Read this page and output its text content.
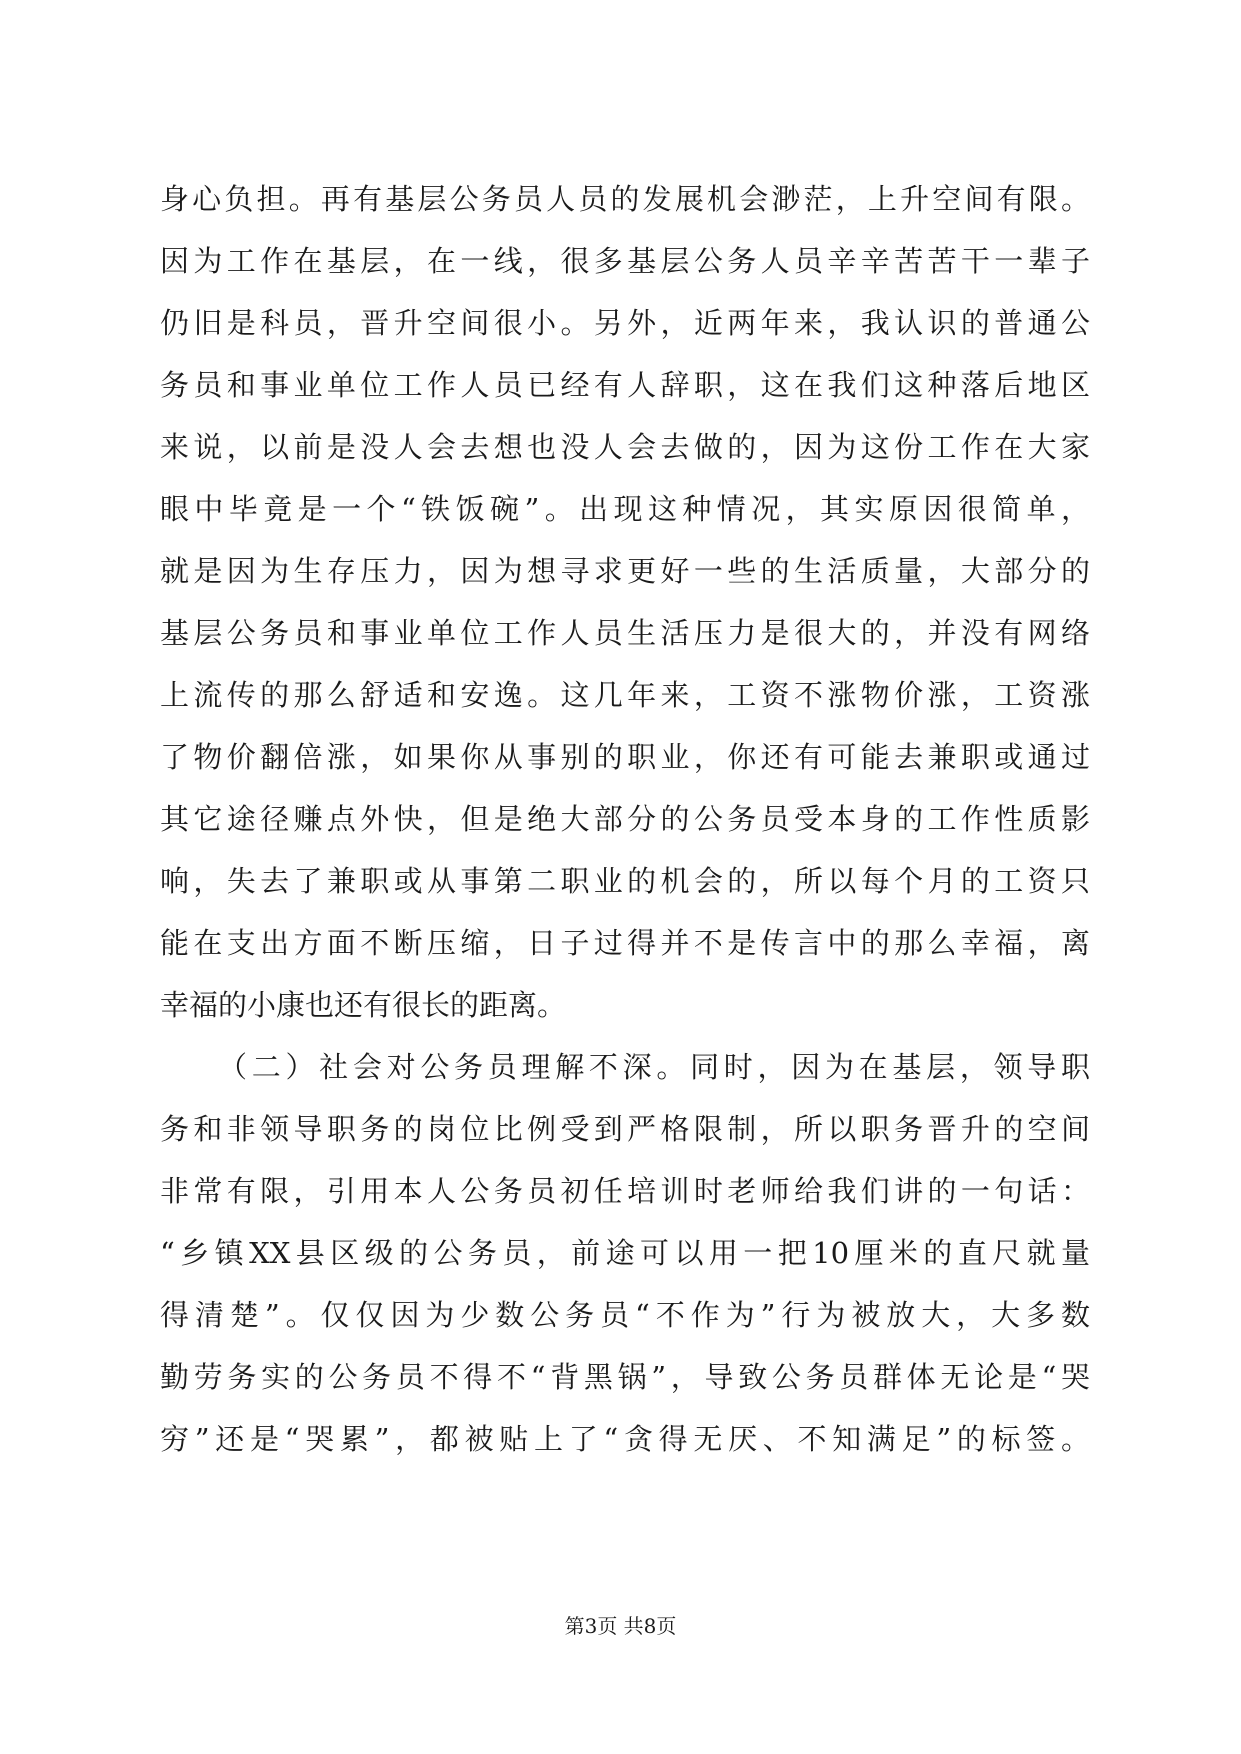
身心负担。再有基层公务员人员的发展机会渺茫，上升空间有限。
因为工作在基层，在一线，很多基层公务人员辛辛苦苦干一辈子
仍旧是科员，晋升空间很小。另外，近两年来，我认识的普通公
务员和事业单位工作人员已经有人辞职，这在我们这种落后地区
来说，以前是没人会去想也没人会去做的，因为这份工作在大家
眼中毕竟是一个“铁饭碗”。出现这种情况，其实原因很简单，
就是因为生存压力，因为想寻求更好一些的生活质量，大部分的
基层公务员和事业单位工作人员生活压力是很大的，并没有网络
上流传的那么舒适和安逸。这几年来，工资不涨物价涨，工资涨
了物价翻倍涨，如果你从事别的职业，你还有可能去兼职或通过
其它途径赚点外快，但是绝大部分的公务员受本身的工作性质影
响，失去了兼职或从事第二职业的机会的，所以每个月的工资只
能在支出方面不断压缩，日子过得并不是传言中的那么幸福，离
幸福的小康也还有很长的距离。
（二）社会对公务员理解不深。同时，因为在基层，领导职
务和非领导职务的岗位比例受到严格限制，所以职务晋升的空间
非常有限，引用本人公务员初任培训时老师给我们讲的一句话：
“乡镇XX县区级的公务员，前途可以用一把10厘米的直尺就量
得清楚”。仅仅因为少数公务员“不作为”行为被放大，大多数
勤劳务实的公务员不得不“背黑锅”，导致公务员群体无论是“哭
穷”还是“哭累”，都被贴上了“贪得无厌、不知满足”的标签。
第3页 共8页
